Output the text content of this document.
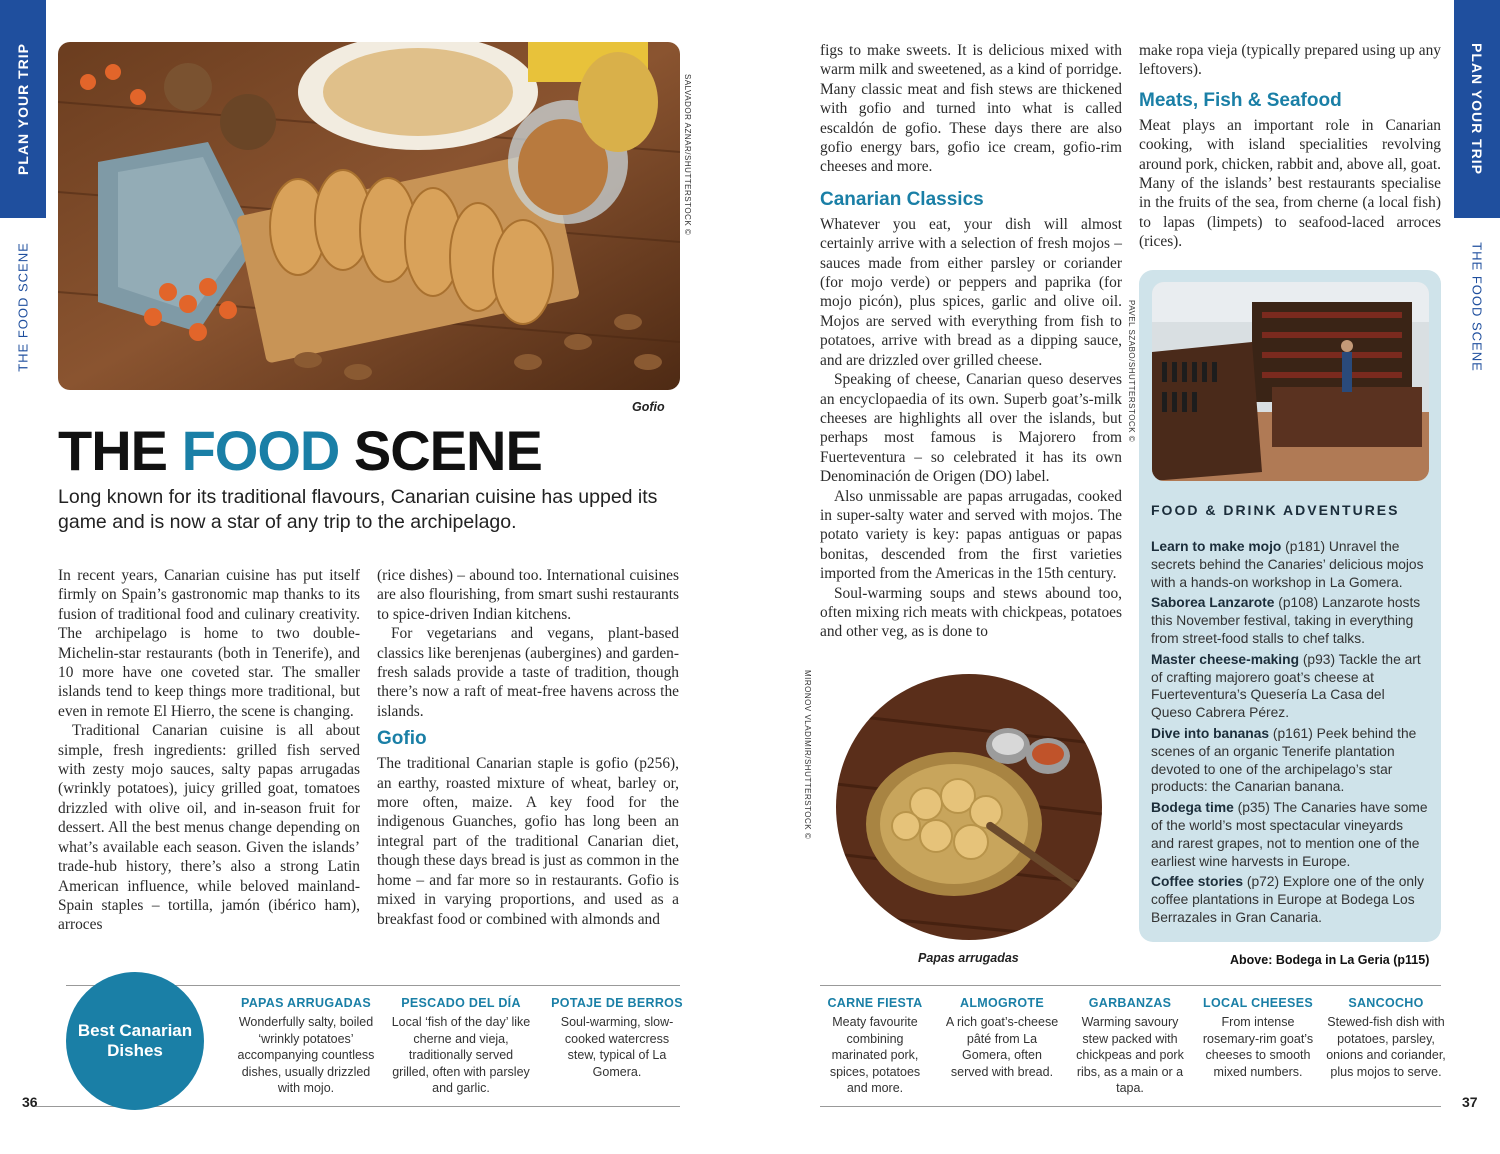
PLAN YOUR TRIP
THE FOOD SCENE
SALVADOR AZNAR/SHUTTERSTOCK ©
Gofio
THE FOOD SCENE
Long known for its traditional flavours, Canarian cuisine has upped its game and is now a star of any trip to the archipelago.

In recent years, Canarian cuisine has put itself firmly on Spain’s gastronomic map thanks to its fusion of traditional food and culinary creativity. The archipelago is home to two double-Michelin-star restaurants (both in Tenerife), and 10 more have one coveted star. The smaller islands tend to keep things more traditional, but even in remote El Hierro, the scene is changing.

Traditional Canarian cuisine is all about simple, fresh ingredients: grilled fish served with zesty mojo sauces, salty papas arrugadas (wrinkly potatoes), juicy grilled goat, tomatoes drizzled with olive oil, and in-season fruit for dessert. All the best menus change depending on what’s available each season. Given the islands’ trade-hub history, there’s also a strong Latin American influence, while beloved mainland-Spain staples – tortilla, jamón (ibérico ham), arroces

(rice dishes) – abound too. International cuisines are also flourishing, from smart sushi restaurants to spice-driven Indian kitchens.

For vegetarians and vegans, plant-based classics like berenjenas (aubergines) and garden-fresh salads provide a taste of tradition, though there’s now a raft of meat-free havens across the islands.

Gofio

The traditional Canarian staple is gofio (p256), an earthy, roasted mixture of wheat, barley or, more often, maize. A key food for the indigenous Guanches, gofio has long been an integral part of the traditional Canarian diet, though these days bread is just as common in the home – and far more so in restaurants. Gofio is mixed in varying proportions, and used as a breakfast food or combined with almonds and

Best Canarian Dishes
PAPAS ARRUGADAS
Wonderfully salty, boiled ‘wrinkly potatoes’ accompanying countless dishes, usually drizzled with mojo.
PESCADO DEL DÍA
Local ‘fish of the day’ like cherne and vieja, traditionally served grilled, often with parsley and garlic.
POTAJE DE BERROS
Soul-warming, slow-cooked watercress stew, typical of La Gomera.
36

figs to make sweets. It is delicious mixed with warm milk and sweetened, as a kind of porridge. Many classic meat and fish stews are thickened with gofio and turned into what is called escaldón de gofio. These days there are also gofio energy bars, gofio ice cream, gofio-rim cheeses and more.

Canarian Classics

Whatever you eat, your dish will almost certainly arrive with a selection of fresh mojos – sauces made from either parsley or coriander (for mojo verde) or peppers and paprika (for mojo picón), plus spices, garlic and olive oil. Mojos are served with everything from fish to potatoes, arrive with bread as a dipping sauce, and are drizzled over grilled cheese.

Speaking of cheese, Canarian queso deserves an encyclopaedia of its own. Superb goat’s-milk cheeses are highlights all over the islands, but perhaps most famous is Majorero from Fuerteventura – so celebrated it has its own Denominación de Origen (DO) label.

Also unmissable are papas arrugadas, cooked in super-salty water and served with mojos. The potato variety is key: papas antiguas or papas bonitas, descended from the first varieties imported from the Americas in the 15th century.

Soul-warming soups and stews abound too, often mixing rich meats with chickpeas, potatoes and other veg, as is done to

make ropa vieja (typically prepared using up any leftovers).

Meats, Fish & Seafood

Meat plays an important role in Canarian cooking, with island specialities revolving around pork, chicken, rabbit and, above all, goat. Many of the islands’ best restaurants specialise in the fruits of the sea, from cherne (a local fish) to lapas (limpets) to seafood-laced arroces (rices).

MIRONOV VLADIMIR/SHUTTERSTOCK ©
Papas arrugadas
PAVEL SZABO/SHUTTERSTOCK ©
FOOD & DRINK ADVENTURES
Learn to make mojo (p181) Unravel the secrets behind the Canaries’ delicious mojos with a hands-on workshop in La Gomera.
Saborea Lanzarote (p108) Lanzarote hosts this November festival, taking in everything from street-food stalls to chef talks.
Master cheese-making (p93) Tackle the art of crafting majorero goat’s cheese at Fuerteventura’s Quesería La Casa del Queso Cabrera Pérez.
Dive into bananas (p161) Peek behind the scenes of an organic Tenerife plantation devoted to one of the archipelago’s star products: the Canarian banana.
Bodega time (p35) The Canaries have some of the world’s most spectacular vineyards and rarest grapes, not to mention one of the earliest wine harvests in Europe.
Coffee stories (p72) Explore one of the only coffee plantations in Europe at Bodega Los Berrazales in Gran Canaria.
Above: Bodega in La Geria (p115)
PLAN YOUR TRIP
THE FOOD SCENE
CARNE FIESTA
Meaty favourite combining marinated pork, spices, potatoes and more.
ALMOGROTE
A rich goat’s-cheese pâté from La Gomera, often served with bread.
GARBANZAS
Warming savoury stew packed with chickpeas and pork ribs, as a main or a tapa.
LOCAL CHEESES
From intense rosemary-rim goat’s cheeses to smooth mixed numbers.
SANCOCHO
Stewed-fish dish with potatoes, parsley, onions and coriander, plus mojos to serve.
37
